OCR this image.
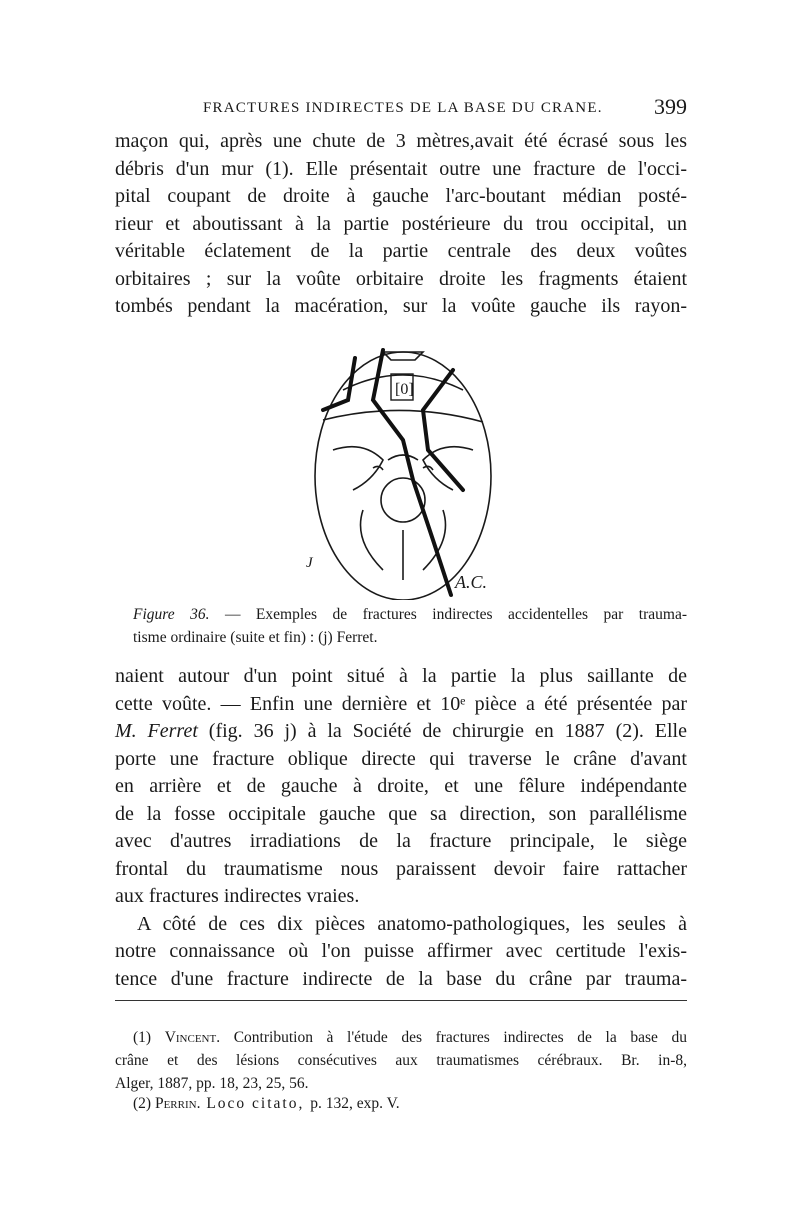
FRACTURES INDIRECTES DE LA BASE DU CRANE. 399
maçon qui, après une chute de 3 mètres,avait été écrasé sous les
débris d'un mur (1). Elle présentait outre une fracture de l'occi-
pital coupant de droite à gauche l'arc-boutant médian posté-
rieur et aboutissant à la partie postérieure du trou occipital, un
véritable éclatement de la partie centrale des deux voûtes
orbitaires ; sur la voûte orbitaire droite les fragments étaient
tombés pendant la macération, sur la voûte gauche ils rayon-
[0]
J
A.C.
Figure 36. — Exemples de fractures indirectes accidentelles par trauma-
tisme ordinaire (suite et fin) : (j) Ferret.
naient autour d'un point situé à la partie la plus saillante de
cette voûte. — Enfin une dernière et 10ᵉ pièce a été présentée par
M. Ferret (fig. 36 j) à la Société de chirurgie en 1887 (2). Elle
porte une fracture oblique directe qui traverse le crâne d'avant
en arrière et de gauche à droite, et une fêlure indépendante
de la fosse occipitale gauche que sa direction, son parallélisme
avec d'autres irradiations de la fracture principale, le siège
frontal du traumatisme nous paraissent devoir faire rattacher
aux fractures indirectes vraies.
A côté de ces dix pièces anatomo-pathologiques, les seules à
notre connaissance où l'on puisse affirmer avec certitude l'exis-
tence d'une fracture indirecte de la base du crâne par trauma-
(1) Vincent. Contribution à l'étude des fractures indirectes de la base du
crâne et des lésions consécutives aux traumatismes cérébraux. Br. in-8,
Alger, 1887, pp. 18, 23, 25, 56.
(2) Perrin. Loco citato, p. 132, exp. V.
